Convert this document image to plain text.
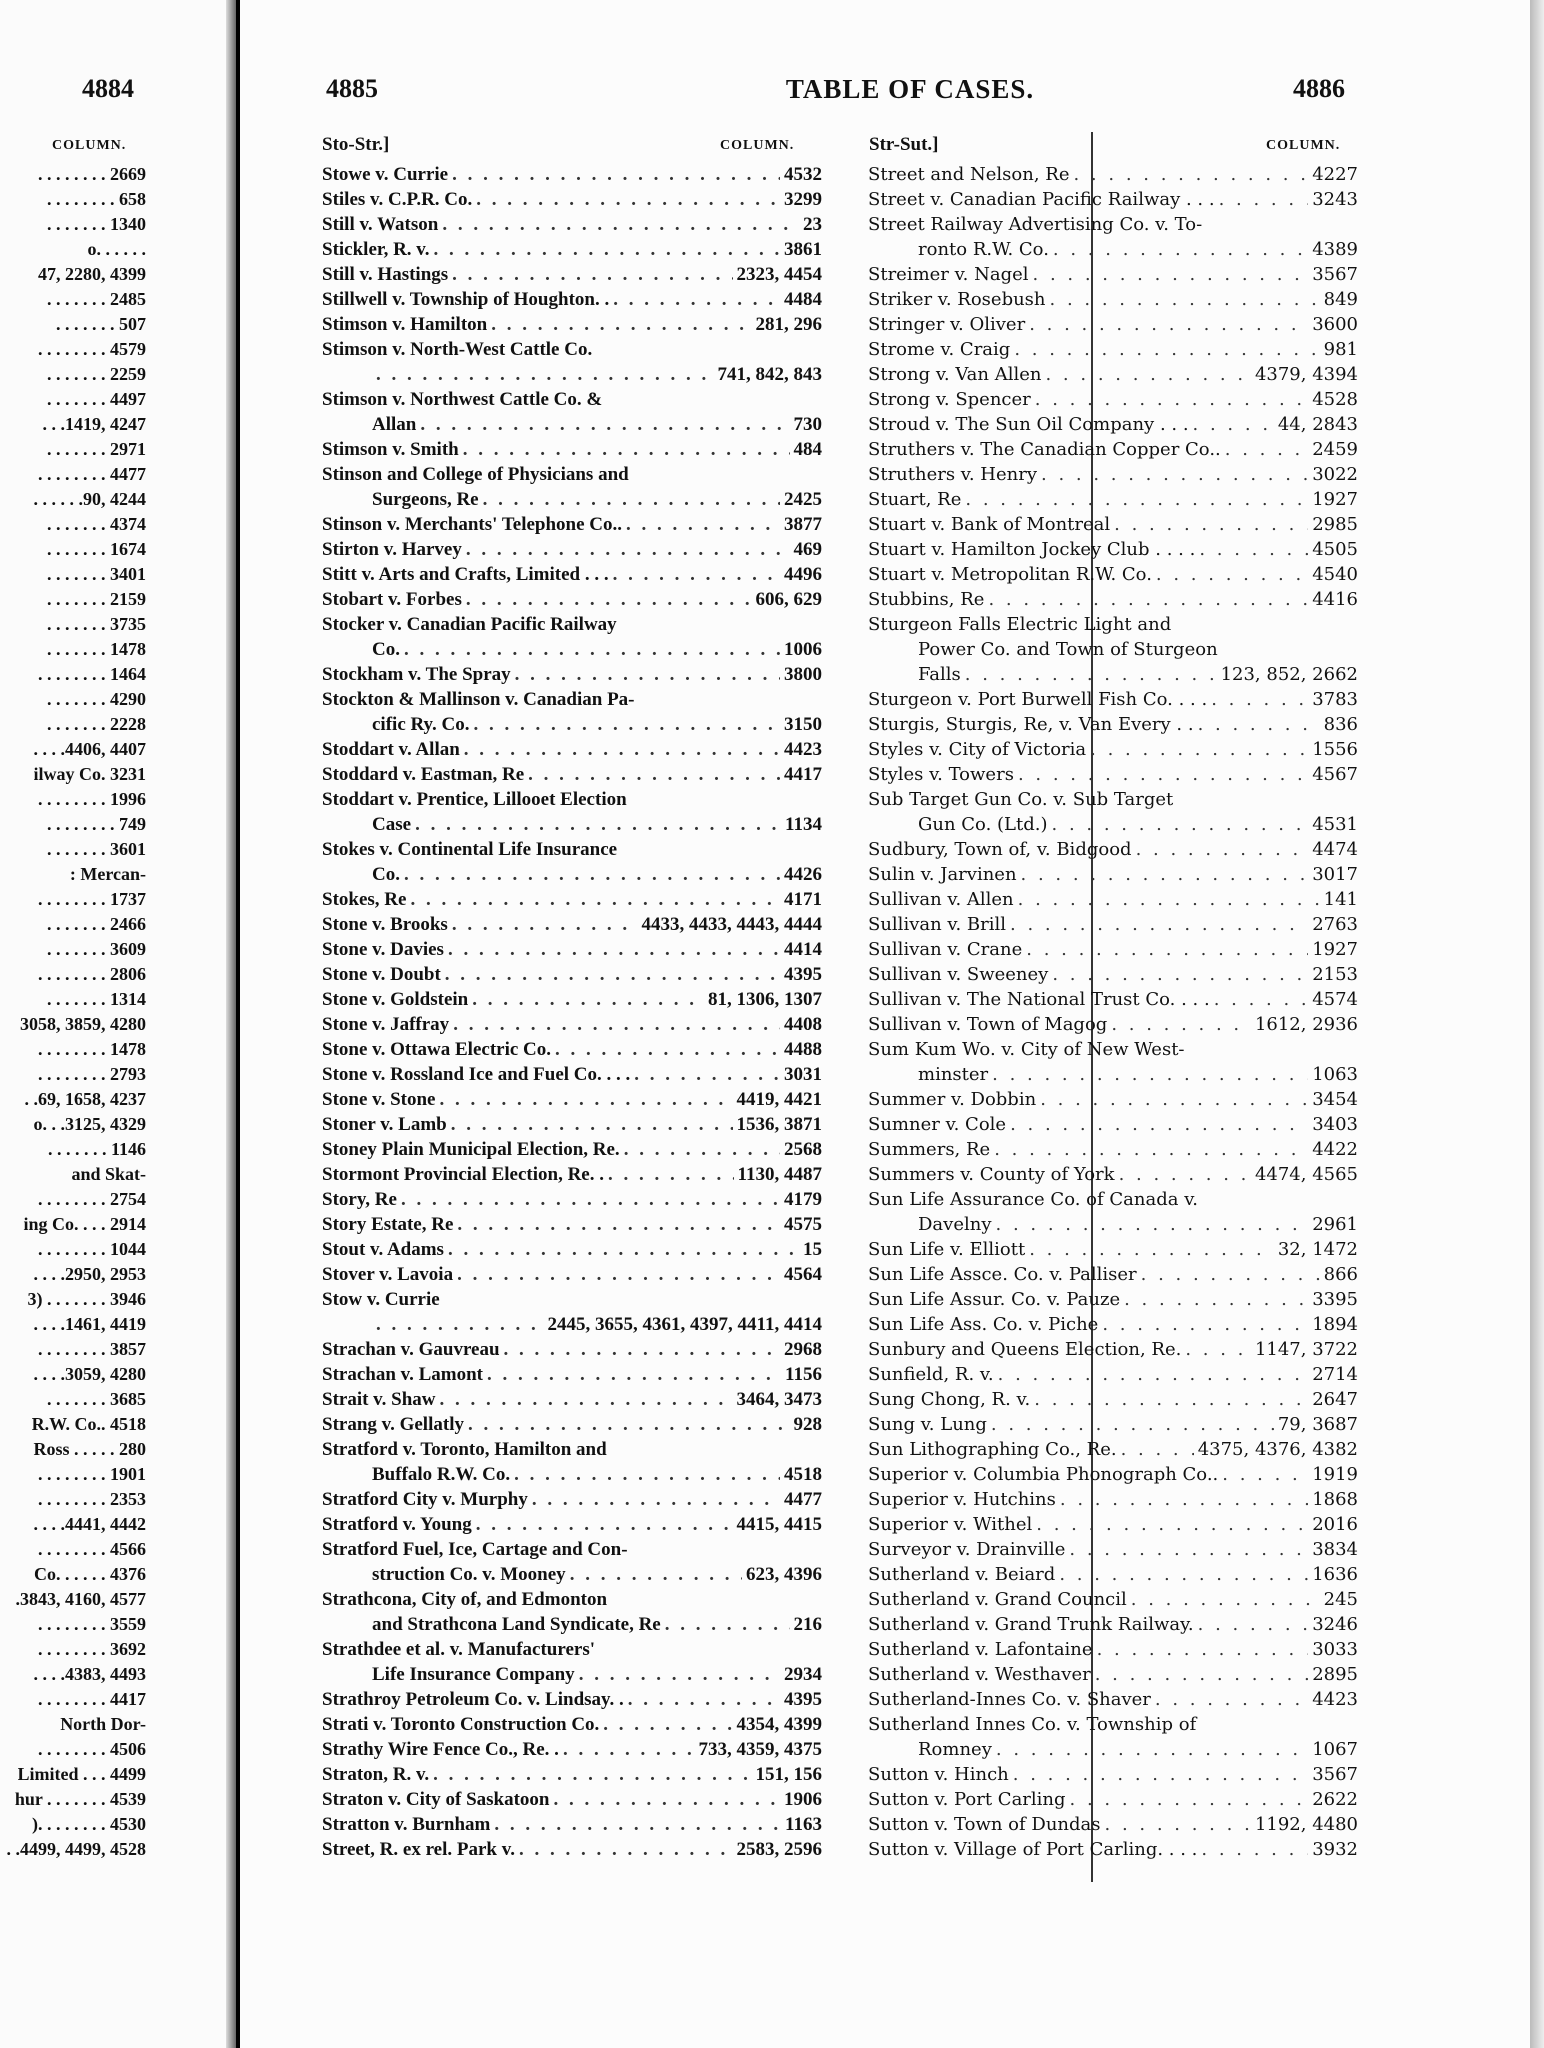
4884
COLUMN.
. . . . . . . . 2669
. . . . . . . . 658
. . . . . . . 1340
o. . . . . .
47, 2280, 4399
. . . . . . . 2485
. . . . . . . 507
. . . . . . . . 4579
. . . . . . . 2259
. . . . . . . 4497
. . .1419, 4247
. . . . . . . 2971
. . . . . . . . 4477
. . . . . .90, 4244
. . . . . . . 4374
. . . . . . . 1674
. . . . . . . 3401
. . . . . . . 2159
. . . . . . . 3735
. . . . . . . 1478
. . . . . . . . 1464
. . . . . . . 4290
. . . . . . . 2228
. . . .4406, 4407
ilway Co. 3231
. . . . . . . . 1996
. . . . . . . . 749
. . . . . . . 3601
: Mercan-
. . . . . . . . 1737
. . . . . . . 2466
. . . . . . . 3609
. . . . . . . . 2806
. . . . . . . 1314
3058, 3859, 4280
. . . . . . . . 1478
. . . . . . . . 2793
. .69, 1658, 4237
o. . .3125, 4329
. . . . . . . 1146
and Skat-
. . . . . . . . 2754
ing Co. . . . 2914
. . . . . . . . 1044
. . . .2950, 2953
3) . . . . . . . 3946
. . . .1461, 4419
. . . . . . . . 3857
. . . .3059, 4280
. . . . . . . 3685
R.W. Co.. 4518
Ross . . . . . 280
. . . . . . . . 1901
. . . . . . . . 2353
. . . .4441, 4442
. . . . . . . . 4566
Co. . . . . . 4376
.3843, 4160, 4577
. . . . . . . . 3559
. . . . . . . . 3692
. . . .4383, 4493
. . . . . . . . 4417
North Dor-
. . . . . . . . 4506
Limited . . . 4499
hur . . . . . . . 4539
). . . . . . . . 4530
. .4499, 4499, 4528
4885	TABLE OF CASES.	4886
Sto-Str.]	COLUMN.	Str-Sut.]	COLUMN.
Stowe v. Currie . . .	4532
Stiles v. C.P.R. Co. . . .	3299
Still v. Watson . . .	23
Stickler, R. v. . . .	3861
Still v. Hastings . . .	2323, 4454
Stillwell v. Township of Houghton. . . . .	4484
Stimson v. Hamilton . . .	281, 296
Stimson v. North-West Cattle Co.
. . .
741, 842, 843
Stimson v. Northwest Cattle Co. &
Allan . . .	730
Stimson v. Smith . . .	484
Stinson and College of Physicians and
Surgeons, Re . . .	2425
Stinson v. Merchants' Telephone Co.. . . .	3877
Stirton v. Harvey . . .	469
Stitt v. Arts and Crafts, Limited . . . . . .	4496
Stobart v. Forbes . . .	606, 629
Stocker v. Canadian Pacific Railway
Co. . . .	1006
Stockham v. The Spray . . .	3800
Stockton & Mallinson v. Canadian Pa-
cific Ry. Co. . . .	3150
Stoddart v. Allan . . .	4423
Stoddard v. Eastman, Re . . .	4417
Stoddart v. Prentice, Lillooet Election
Case . . .	1134
Stokes v. Continental Life Insurance
Co. . . .	4426
Stokes, Re . . .	4171
Stone v. Brooks . . .	4433, 4433, 4443, 4444
Stone v. Davies . . .	4414
Stone v. Doubt . . .	4395
Stone v. Goldstein . . .	81, 1306, 1307
Stone v. Jaffray . . .	4408
Stone v. Ottawa Electric Co. . . .	4488
Stone v. Rossland Ice and Fuel Co. . . . . . .	3031
Stone v. Stone . . .	4419, 4421
Stoner v. Lamb . . .	1536, 3871
Stoney Plain Municipal Election, Re. . . .	2568
Stormont Provincial Election, Re. . . . .	1130, 4487
Story, Re . . .	4179
Story Estate, Re . . .	4575
Stout v. Adams . . .	15
Stover v. Lavoia . . .	4564
Stow v. Currie
. . .
2445, 3655, 4361, 4397, 4411, 4414
Strachan v. Gauvreau . . .	2968
Strachan v. Lamont . . .	1156
Strait v. Shaw . . .	3464, 3473
Strang v. Gellatly . . .	928
Stratford v. Toronto, Hamilton and
Buffalo R.W. Co. . . .	4518
Stratford City v. Murphy . . .	4477
Stratford v. Young . . .	4415, 4415
Stratford Fuel, Ice, Cartage and Con-
struction Co. v. Mooney . . .	623, 4396
Strathcona, City of, and Edmonton
and Strathcona Land Syndicate, Re . . .	216
Strathdee et al. v. Manufacturers'
Life Insurance Company . . .	2934
Strathroy Petroleum Co. v. Lindsay. . . . .	4395
Strati v. Toronto Construction Co. . . .	4354, 4399
Strathy Wire Fence Co., Re. . . . .	733, 4359, 4375
Straton, R. v. . . .	151, 156
Straton v. City of Saskatoon . . .	1906
Stratton v. Burnham . . .	1163
Street, R. ex rel. Park v. . . .	2583, 2596
Street and Nelson, Re . . .	4227
Street v. Canadian Pacific Railway . . . . . .	3243
Street Railway Advertising Co. v. To-
ronto R.W. Co. . . .	4389
Streimer v. Nagel . . .	3567
Striker v. Rosebush . . .	849
Stringer v. Oliver . . .	3600
Strome v. Craig . . .	981
Strong v. Van Allen . . .	4379, 4394
Strong v. Spencer . . .	4528
Stroud v. The Sun Oil Company . . . . . .	44, 2843
Struthers v. The Canadian Copper Co.. . . .	2459
Struthers v. Henry . . .	3022
Stuart, Re . . .	1927
Stuart v. Bank of Montreal . . .	2985
Stuart v. Hamilton Jockey Club . . . . . . .	4505
Stuart v. Metropolitan R.W. Co. . . .	4540
Stubbins, Re . . .	4416
Sturgeon Falls Electric Light and
Power Co. and Town of Sturgeon
Falls . . .	123, 852, 2662
Sturgeon v. Port Burwell Fish Co. . . . . . .	3783
Sturgis, Sturgis, Re, v. Van Every . . . . .	836
Styles v. City of Victoria . . .	1556
Styles v. Towers . . .	4567
Sub Target Gun Co. v. Sub Target
Gun Co. (Ltd.) . . .	4531
Sudbury, Town of, v. Bidgood . . .	4474
Sulin v. Jarvinen . . .	3017
Sullivan v. Allen . . .	141
Sullivan v. Brill . . .	2763
Sullivan v. Crane . . .	1927
Sullivan v. Sweeney . . .	2153
Sullivan v. The National Trust Co. . . . . . .	4574
Sullivan v. Town of Magog . . .	1612, 2936
Sum Kum Wo. v. City of New West-
minster . . .	1063
Summer v. Dobbin . . .	3454
Sumner v. Cole . . .	3403
Summers, Re . . .	4422
Summers v. County of York . . .	4474, 4565
Sun Life Assurance Co. of Canada v.
Davelny . . .	2961
Sun Life v. Elliott . . .	32, 1472
Sun Life Assce. Co. v. Palliser . . .	866
Sun Life Assur. Co. v. Pauze . . .	3395
Sun Life Ass. Co. v. Piche . . .	1894
Sunbury and Queens Election, Re. . . .	1147, 3722
Sunfield, R. v. . . .	2714
Sung Chong, R. v. . . .	2647
Sung v. Lung . . .	79, 3687
Sun Lithographing Co., Re. . . .	4375, 4376, 4382
Superior v. Columbia Phonograph Co.. . . .	1919
Superior v. Hutchins . . .	1868
Superior v. Withel . . .	2016
Surveyor v. Drainville . . .	3834
Sutherland v. Beiard . . .	1636
Sutherland v. Grand Council . . .	245
Sutherland v. Grand Trunk Railway. . . .	3246
Sutherland v. Lafontaine . . .	3033
Sutherland v. Westhaver . . .	2895
Sutherland-Innes Co. v. Shaver . . .	4423
Sutherland Innes Co. v. Township of
Romney . . .	1067
Sutton v. Hinch . . .	3567
Sutton v. Port Carling . . .	2622
Sutton v. Town of Dundas . . .	1192, 4480
Sutton v. Village of Port Carling. . . . . . .	3932
